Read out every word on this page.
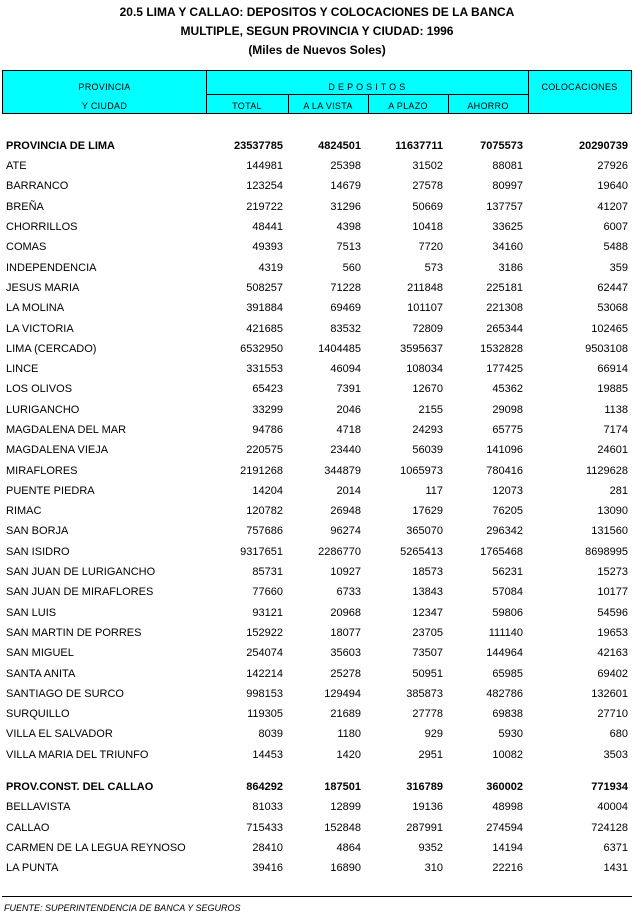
20.5 LIMA Y CALLAO: DEPOSITOS Y COLOCACIONES DE LA BANCA
MULTIPLE, SEGUN PROVINCIA Y CIUDAD: 1996
(Miles de Nuevos Soles)
PROVINCIA
Y CIUDAD
D E P O S I T O S	COLOCACIONES
TOTAL	A LA VISTA	A PLAZO	AHORRO
PROVINCIA DE LIMA	23537785	4824501	11637711	7075573	20290739
ATE	144981	25398	31502	88081	27926
BARRANCO	123254	14679	27578	80997	19640
BREÑA	219722	31296	50669	137757	41207
CHORRILLOS	48441	4398	10418	33625	6007
COMAS	49393	7513	7720	34160	5488
INDEPENDENCIA	4319	560	573	3186	359
JESUS MARIA	508257	71228	211848	225181	62447
LA MOLINA	391884	69469	101107	221308	53068
LA VICTORIA	421685	83532	72809	265344	102465
LIMA (CERCADO)	6532950	1404485	3595637	1532828	9503108
LINCE	331553	46094	108034	177425	66914
LOS OLIVOS	65423	7391	12670	45362	19885
LURIGANCHO	33299	2046	2155	29098	1138
MAGDALENA DEL MAR	94786	4718	24293	65775	7174
MAGDALENA VIEJA	220575	23440	56039	141096	24601
MIRAFLORES	2191268	344879	1065973	780416	1129628
PUENTE PIEDRA	14204	2014	117	12073	281
RIMAC	120782	26948	17629	76205	13090
SAN BORJA	757686	96274	365070	296342	131560
SAN ISIDRO	9317651	2286770	5265413	1765468	8698995
SAN JUAN DE LURIGANCHO	85731	10927	18573	56231	15273
SAN JUAN DE MIRAFLORES	77660	6733	13843	57084	10177
SAN LUIS	93121	20968	12347	59806	54596
SAN MARTIN DE PORRES	152922	18077	23705	111140	19653
SAN MIGUEL	254074	35603	73507	144964	42163
SANTA ANITA	142214	25278	50951	65985	69402
SANTIAGO DE SURCO	998153	129494	385873	482786	132601
SURQUILLO	119305	21689	27778	69838	27710
VILLA EL SALVADOR	8039	1180	929	5930	680
VILLA MARIA DEL TRIUNFO	14453	1420	2951	10082	3503

PROV.CONST. DEL CALLAO	864292	187501	316789	360002	771934
BELLAVISTA	81033	12899	19136	48998	40004
CALLAO	715433	152848	287991	274594	724128
CARMEN DE LA LEGUA REYNOSO	28410	4864	9352	14194	6371
LA PUNTA	39416	16890	310	22216	1431
FUENTE: SUPERINTENDENCIA DE BANCA Y SEGUROS
